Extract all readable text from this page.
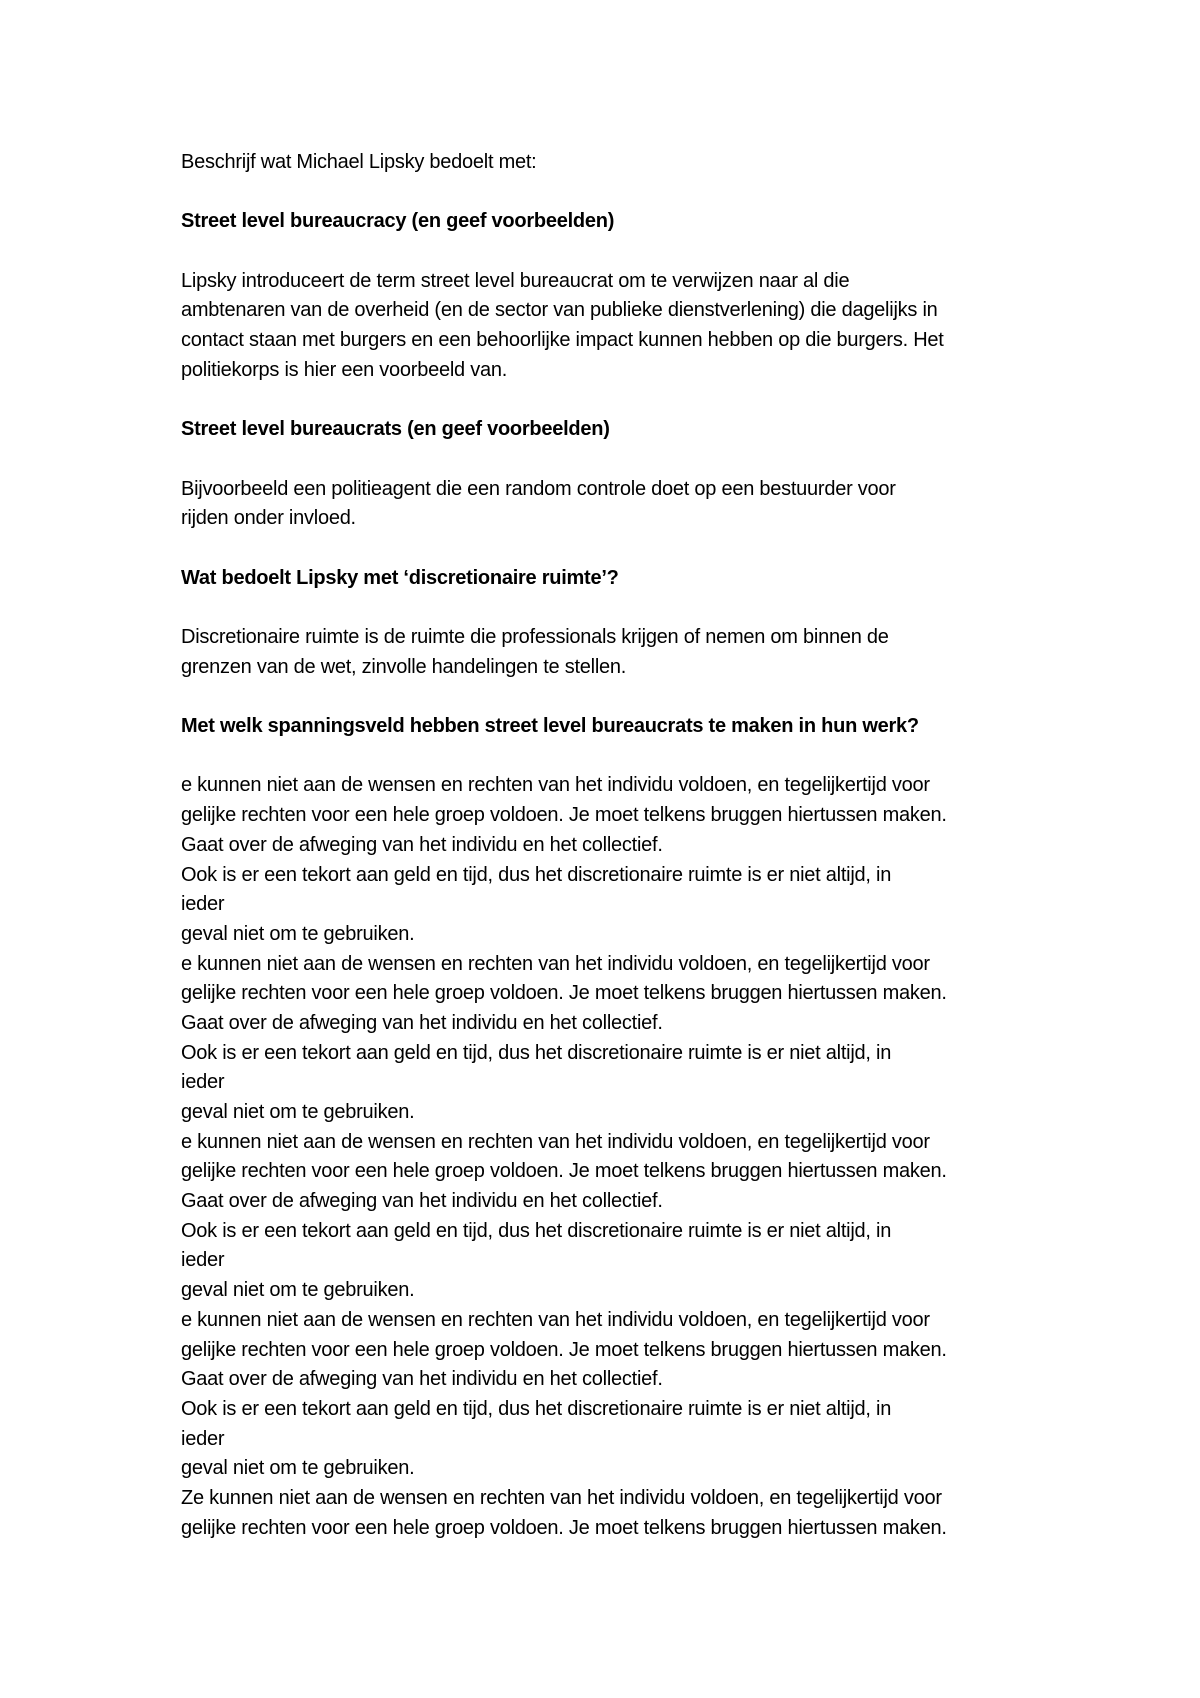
Beschrijf wat Michael Lipsky bedoelt met:

Street level bureaucracy (en geef voorbeelden)

Lipsky introduceert de term street level bureaucrat om te verwijzen naar al die

ambtenaren van de overheid (en de sector van publieke dienstverlening) die dagelijks in

contact staan met burgers en een behoorlijke impact kunnen hebben op die burgers. Het

politiekorps is hier een voorbeeld van.

Street level bureaucrats (en geef voorbeelden)

Bijvoorbeeld een politieagent die een random controle doet op een bestuurder voor

rijden onder invloed.

Wat bedoelt Lipsky met ‘discretionaire ruimte’?

Discretionaire ruimte is de ruimte die professionals krijgen of nemen om binnen de

grenzen van de wet, zinvolle handelingen te stellen.

Met welk spanningsveld hebben street level bureaucrats te maken in hun werk?

e kunnen niet aan de wensen en rechten van het individu voldoen, en tegelijkertijd voor

gelijke rechten voor een hele groep voldoen. Je moet telkens bruggen hiertussen maken.

Gaat over de afweging van het individu en het collectief.

Ook is er een tekort aan geld en tijd, dus het discretionaire ruimte is er niet altijd, in

ieder

geval niet om te gebruiken.

e kunnen niet aan de wensen en rechten van het individu voldoen, en tegelijkertijd voor

gelijke rechten voor een hele groep voldoen. Je moet telkens bruggen hiertussen maken.

Gaat over de afweging van het individu en het collectief.

Ook is er een tekort aan geld en tijd, dus het discretionaire ruimte is er niet altijd, in

ieder

geval niet om te gebruiken.

e kunnen niet aan de wensen en rechten van het individu voldoen, en tegelijkertijd voor

gelijke rechten voor een hele groep voldoen. Je moet telkens bruggen hiertussen maken.

Gaat over de afweging van het individu en het collectief.

Ook is er een tekort aan geld en tijd, dus het discretionaire ruimte is er niet altijd, in

ieder

geval niet om te gebruiken.

e kunnen niet aan de wensen en rechten van het individu voldoen, en tegelijkertijd voor

gelijke rechten voor een hele groep voldoen. Je moet telkens bruggen hiertussen maken.

Gaat over de afweging van het individu en het collectief.

Ook is er een tekort aan geld en tijd, dus het discretionaire ruimte is er niet altijd, in

ieder

geval niet om te gebruiken.

Ze kunnen niet aan de wensen en rechten van het individu voldoen, en tegelijkertijd voor

gelijke rechten voor een hele groep voldoen. Je moet telkens bruggen hiertussen maken.
